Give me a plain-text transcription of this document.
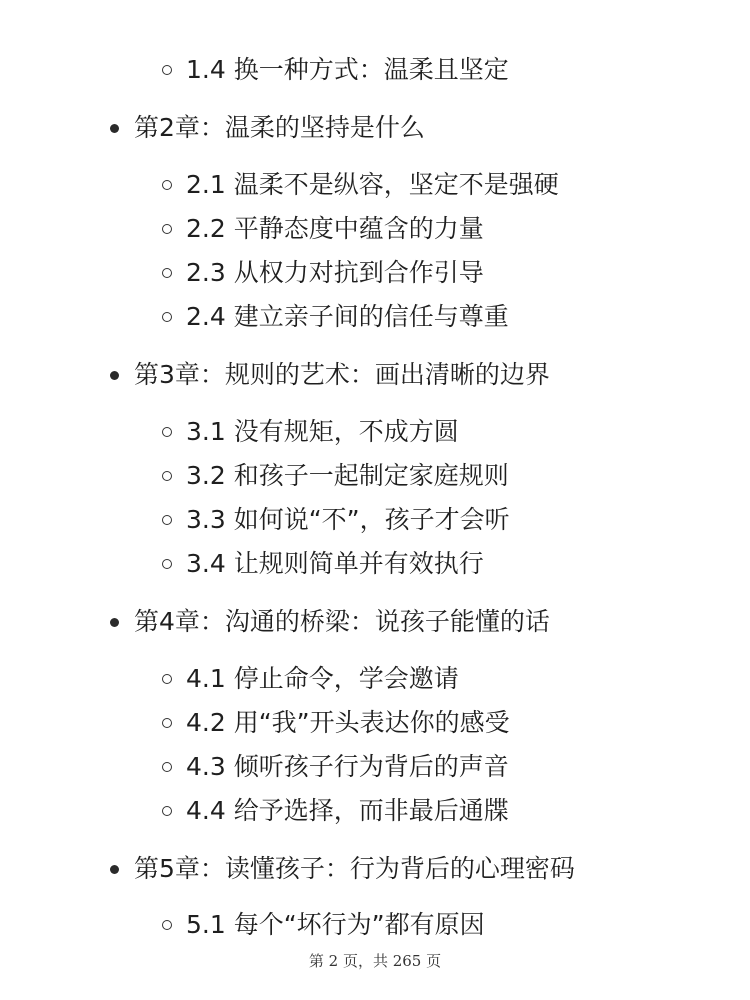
1.4 换一种方式：温柔且坚定
第2章：温柔的坚持是什么
2.1 温柔不是纵容，坚定不是强硬
2.2 平静态度中蕴含的力量
2.3 从权力对抗到合作引导
2.4 建立亲子间的信任与尊重
第3章：规则的艺术：画出清晰的边界
3.1 没有规矩，不成方圆
3.2 和孩子一起制定家庭规则
3.3 如何说“不”，孩子才会听
3.4 让规则简单并有效执行
第4章：沟通的桥梁：说孩子能懂的话
4.1 停止命令，学会邀请
4.2 用“我”开头表达你的感受
4.3 倾听孩子行为背后的声音
4.4 给予选择，而非最后通牒
第5章：读懂孩子：行为背后的心理密码
5.1 每个“坏行为”都有原因
第 2 页，共 265 页
